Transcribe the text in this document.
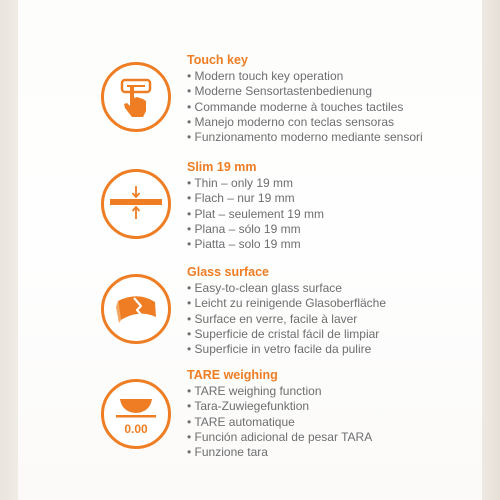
Touch key
• Modern touch key operation
• Moderne Sensortastenbedienung
• Commande moderne à touches tactiles
• Manejo moderno con teclas sensoras
• Funzionamento moderno mediante sensori
Slim 19 mm
• Thin – only 19 mm
• Flach – nur 19 mm
• Plat – seulement 19 mm
• Plana – sólo 19 mm
• Piatta – solo 19 mm
Glass surface
• Easy-to-clean glass surface
• Leicht zu reinigende Glasoberfläche
• Surface en verre, facile à laver
• Superficie de cristal fácil de limpiar
• Superficie in vetro facile da pulire
0.00
TARE weighing
• TARE weighing function
• Tara-Zuwiegefunktion
• TARE automatique
• Función adicional de pesar TARA
• Funzione tara
